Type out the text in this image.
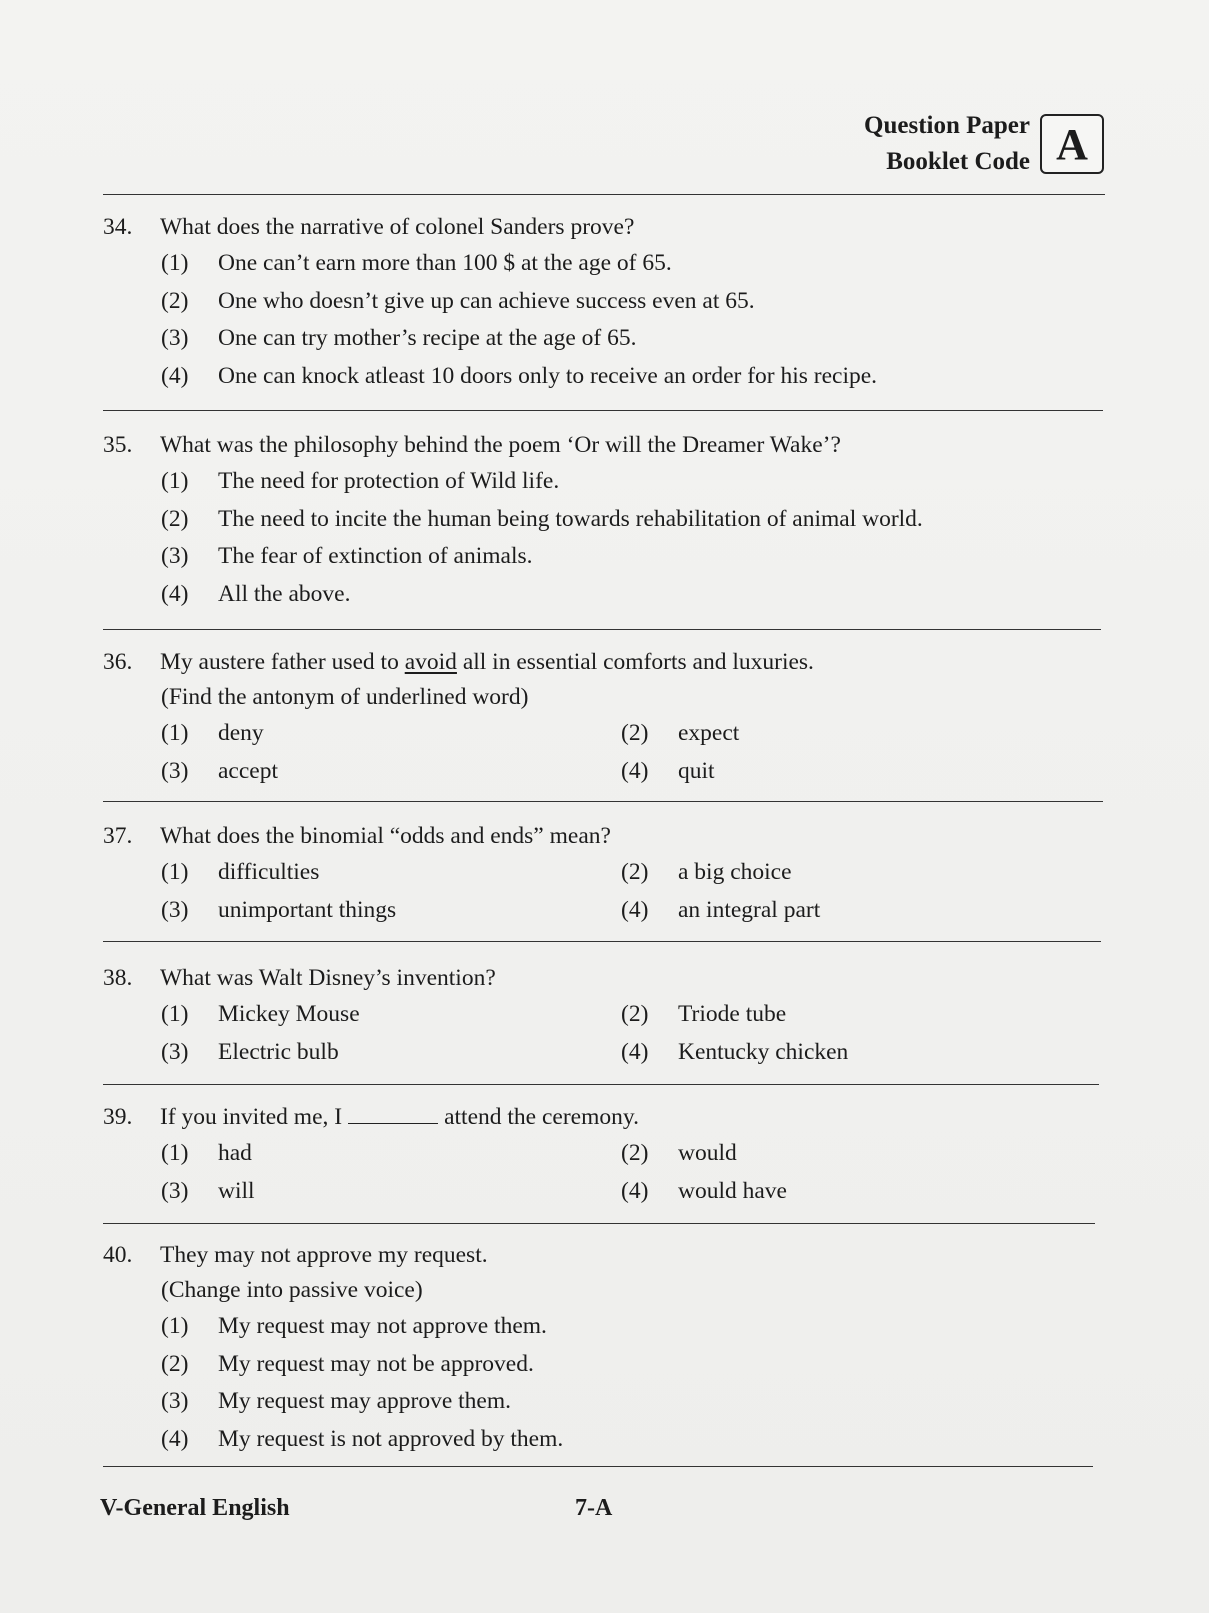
Question Paper
Booklet Code A
34.	What does the narrative of colonel Sanders prove?
(1)	One can’t earn more than 100 $ at the age of 65.
(2)	One who doesn’t give up can achieve success even at 65.
(3)	One can try mother’s recipe at the age of 65.
(4)	One can knock atleast 10 doors only to receive an order for his recipe.
35.	What was the philosophy behind the poem ‘Or will the Dreamer Wake’?
(1)	The need for protection of Wild life.
(2)	The need to incite the human being towards rehabilitation of animal world.
(3)	The fear of extinction of animals.
(4)	All the above.
36.	My austere father used to avoid all in essential comforts and luxuries.
(Find the antonym of underlined word)
(1)	deny	(2)	expect
(3)	accept	(4)	quit
37.	What does the binomial “odds and ends” mean?
(1)	difficulties	(2)	a big choice
(3)	unimportant things	(4)	an integral part
38.	What was Walt Disney’s invention?
(1)	Mickey Mouse	(2)	Triode tube
(3)	Electric bulb	(4)	Kentucky chicken
39.	If you invited me, I	attend the ceremony.
(1)	had	(2)	would
(3)	will	(4)	would have
40.	They may not approve my request.
(Change into passive voice)
(1)	My request may not approve them.
(2)	My request may not be approved.
(3)	My request may approve them.
(4)	My request is not approved by them.
V-General English	7-A
